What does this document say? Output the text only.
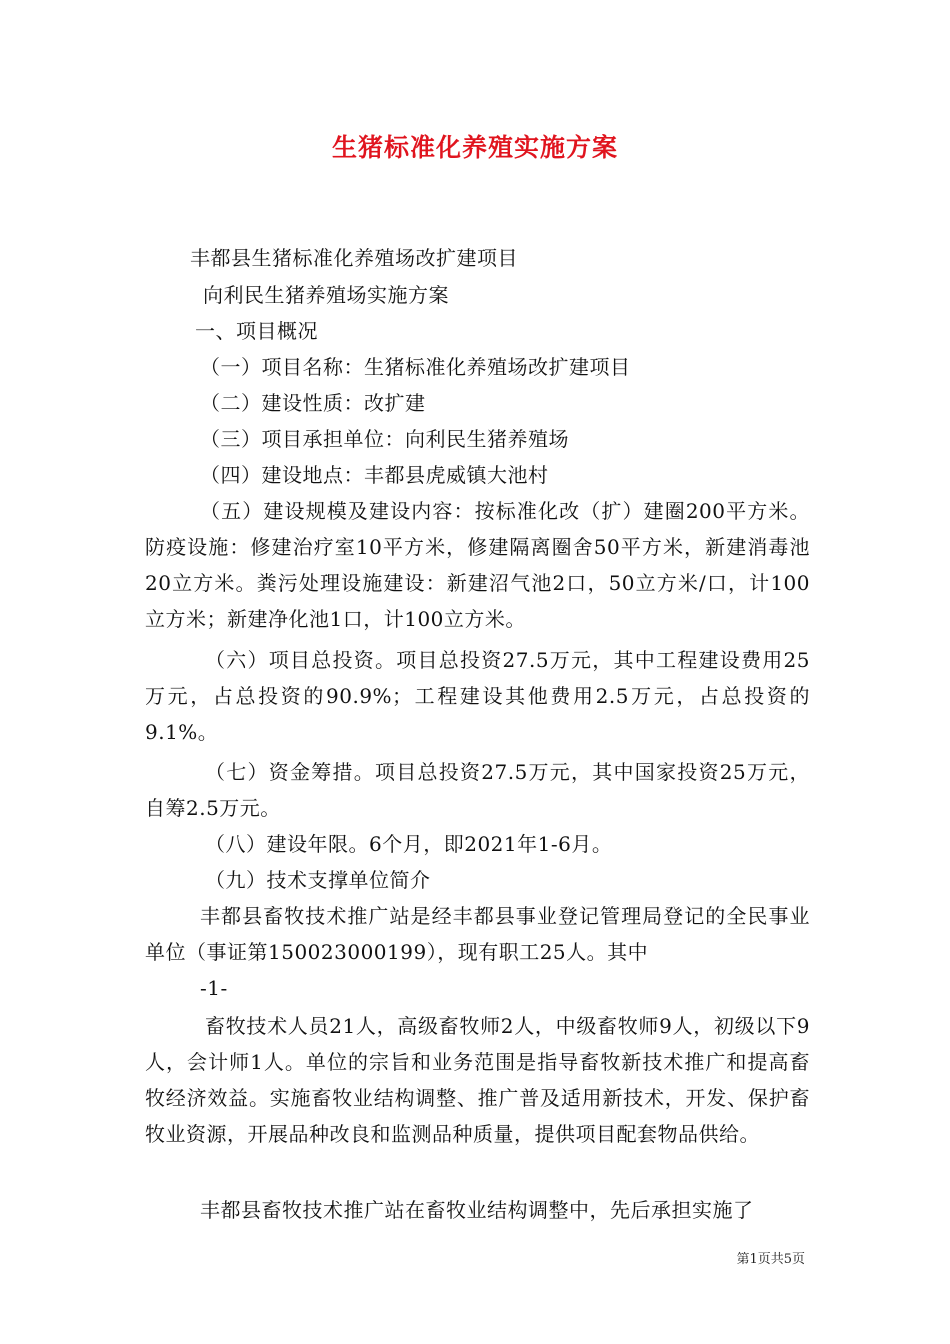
生猪标准化养殖实施方案
丰都县生猪标准化养殖场改扩建项目
向利民生猪养殖场实施方案
一、项目概况
（一）项目名称：生猪标准化养殖场改扩建项目
（二）建设性质：改扩建
（三）项目承担单位：向利民生猪养殖场
（四）建设地点：丰都县虎威镇大池村
（五）建设规模及建设内容：按标准化改（扩）建圈200平方米。防疫设施：修建治疗室10平方米，修建隔离圈舍50平方米，新建消毒池20立方米。粪污处理设施建设：新建沼气池2口，50立方米/口，计100立方米；新建净化池1口，计100立方米。
（六）项目总投资。项目总投资27.5万元，其中工程建设费用25万元，占总投资的90.9%；工程建设其他费用2.5万元，占总投资的9.1%。
（七）资金筹措。项目总投资27.5万元，其中国家投资25万元，自筹2.5万元。
（八）建设年限。6个月，即2021年1-6月。
（九）技术支撑单位简介
丰都县畜牧技术推广站是经丰都县事业登记管理局登记的全民事业单位（事证第150023000199），现有职工25人。其中
-1-
畜牧技术人员21人，高级畜牧师2人，中级畜牧师9人，初级以下9人，会计师1人。单位的宗旨和业务范围是指导畜牧新技术推广和提高畜牧经济效益。实施畜牧业结构调整、推广普及适用新技术，开发、保护畜牧业资源，开展品种改良和监测品种质量，提供项目配套物品供给。
丰都县畜牧技术推广站在畜牧业结构调整中，先后承担实施了
第1页共5页
